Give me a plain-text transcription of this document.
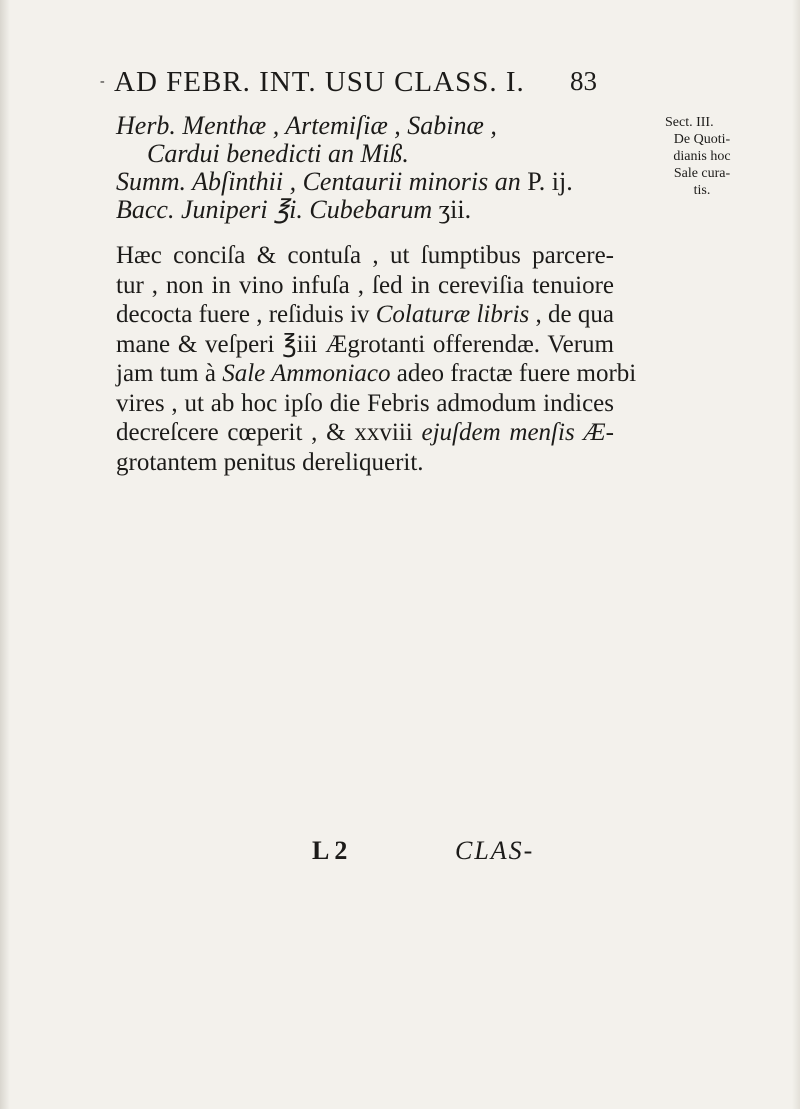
- AD FEBR. INT. USU CLASS. I. 83
Herb. Menthæ , Artemiſiæ , Sabinæ ,
Cardui benedicti an Miß.
Summ. Abſinthii , Centaurii minoris an P. ij.
Bacc. Juniperi ℥i. Cubebarum ʒii.
Sect. III.
De Quoti-
dianis hoc
Sale cura-
tis.
Hæc conciſa & contuſa , ut ſumptibus parcere-
tur , non in vino infuſa , ſed in cereviſia tenuiore
decocta fuere , reſiduis iv Colaturæ libris , de qua
mane & veſperi ℥iii Ægrotanti offerendæ. Verum
jam tum à Sale Ammoniaco adeo fractæ fuere morbi
vires , ut ab hoc ipſo die Febris admodum indices
decreſcere cœperit , & xxviii ejuſdem menſis Æ-
grotantem penitus dereliquerit.
L 2	CLAS-
